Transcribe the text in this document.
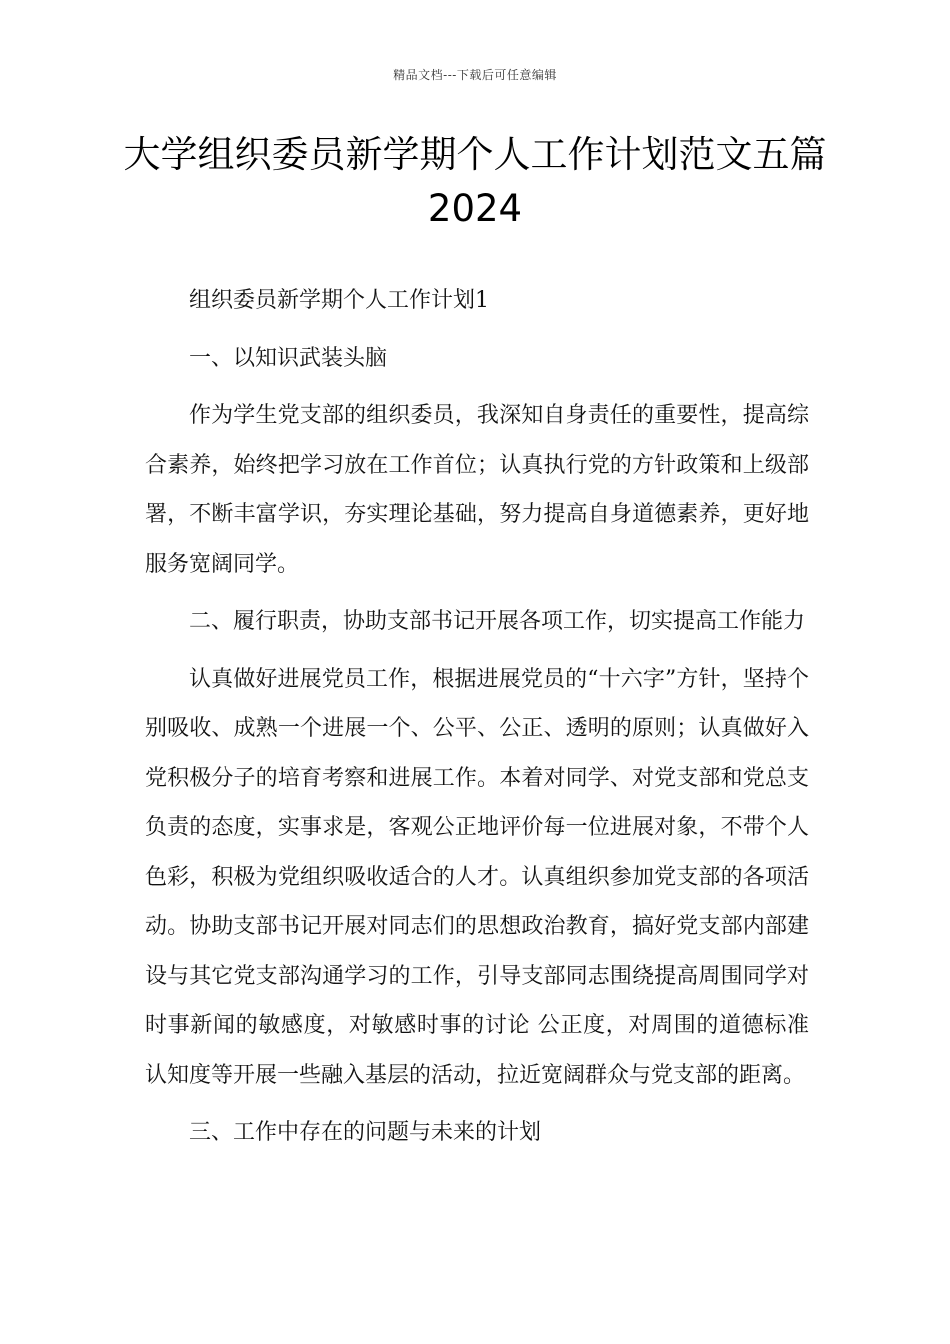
精品文档---下载后可任意编辑
大学组织委员新学期个人工作计划范文五篇2024

组织委员新学期个人工作计划1

一、以知识武装头脑

作为学生党支部的组织委员，我深知自身责任的重要性，提高综合素养，始终把学习放在工作首位；认真执行党的方针政策和上级部署，不断丰富学识，夯实理论基础，努力提高自身道德素养，更好地服务宽阔同学。

二、履行职责，协助支部书记开展各项工作，切实提高工作能力

认真做好进展党员工作，根据进展党员的“十六字”方针，坚持个别吸收、成熟一个进展一个、公平、公正、透明的原则；认真做好入党积极分子的培育考察和进展工作。本着对同学、对党支部和党总支负责的态度，实事求是，客观公正地评价每一位进展对象，不带个人色彩，积极为党组织吸收适合的人才。认真组织参加党支部的各项活动。协助支部书记开展对同志们的思想政治教育，搞好党支部内部建设与其它党支部沟通学习的工作，引导支部同志围绕提高周围同学对时事新闻的敏感度，对敏感时事的讨论 公正度，对周围的道德标准认知度等开展一些融入基层的活动，拉近宽阔群众与党支部的距离。

三、工作中存在的问题与未来的计划
